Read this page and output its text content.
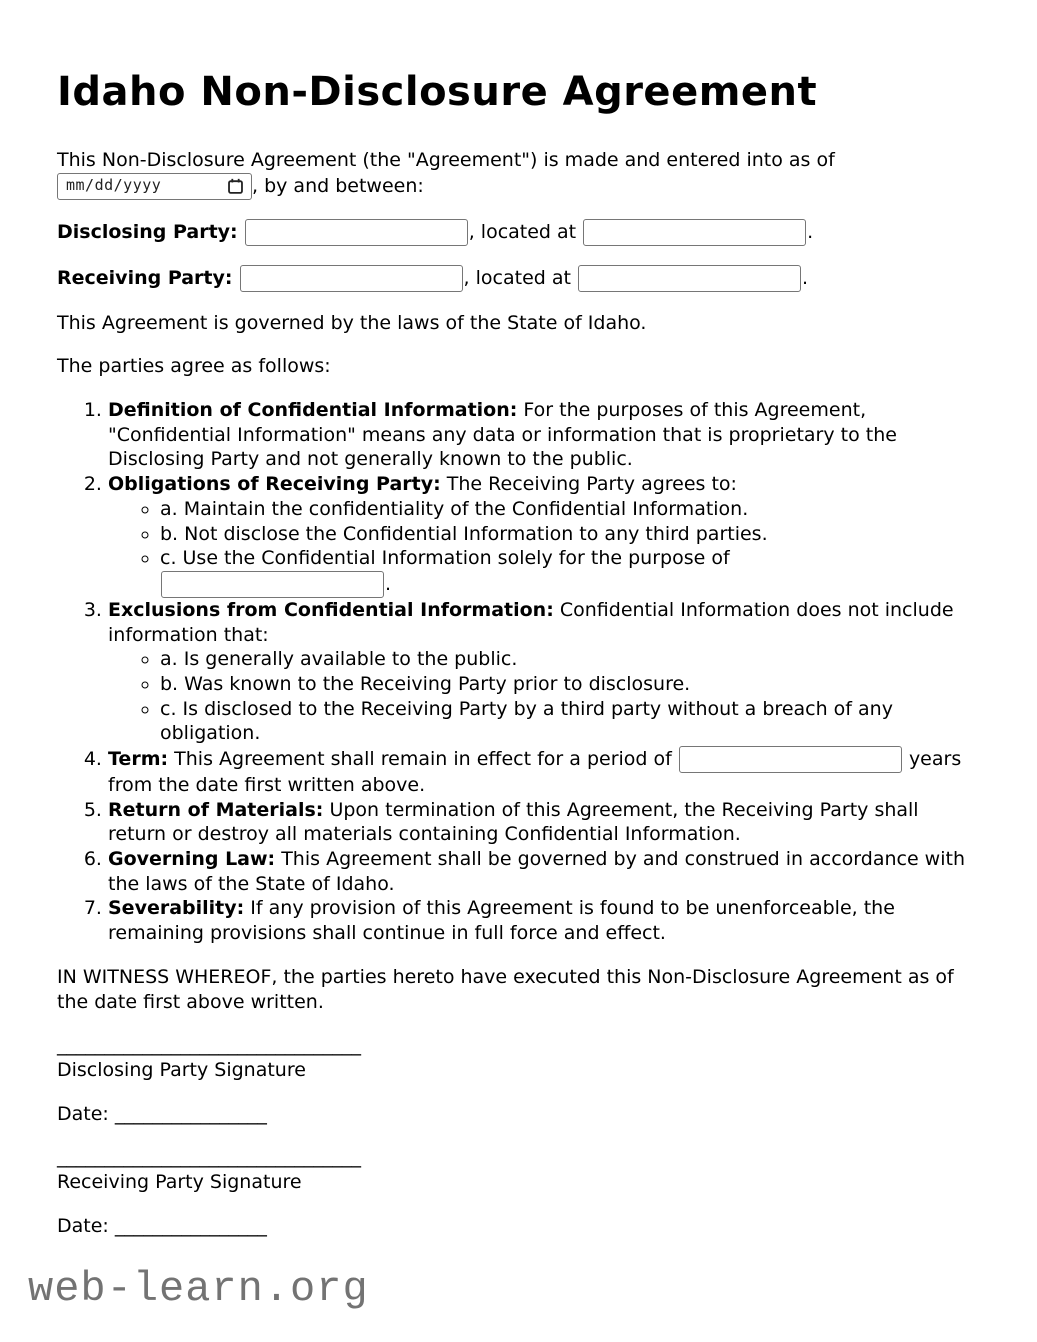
Idaho Non-Disclosure Agreement

This Non-Disclosure Agreement (the "Agreement") is made and entered into as of
mm/dd/yyyy	, by and between:

Disclosing Party:	, located at	.

Receiving Party:	, located at	.

This Agreement is governed by the laws of the State of Idaho.

The parties agree as follows:

1. Definition of Confidential Information: For the purposes of this Agreement, "Confidential Information" means any data or information that is proprietary to the Disclosing Party and not generally known to the public.
2. Obligations of Receiving Party: The Receiving Party agrees to:
◦ a. Maintain the confidentiality of the Confidential Information.
◦ b. Not disclose the Confidential Information to any third parties.
◦ c. Use the Confidential Information solely for the purpose of
.
3. Exclusions from Confidential Information: Confidential Information does not include information that:
◦ a. Is generally available to the public.
◦ b. Was known to the Receiving Party prior to disclosure.
◦ c. Is disclosed to the Receiving Party by a third party without a breach of any obligation.
4. Term: This Agreement shall remain in effect for a period of	years from the date first written above.
5. Return of Materials: Upon termination of this Agreement, the Receiving Party shall return or destroy all materials containing Confidential Information.
6. Governing Law: This Agreement shall be governed by and construed in accordance with the laws of the State of Idaho.
7. Severability: If any provision of this Agreement is found to be unenforceable, the remaining provisions shall continue in full force and effect.

IN WITNESS WHEREOF, the parties hereto have executed this Non-Disclosure Agreement as of the date first above written.

________________________________
Disclosing Party Signature

Date: ________________

________________________________
Receiving Party Signature

Date: ________________

web-learn.org
